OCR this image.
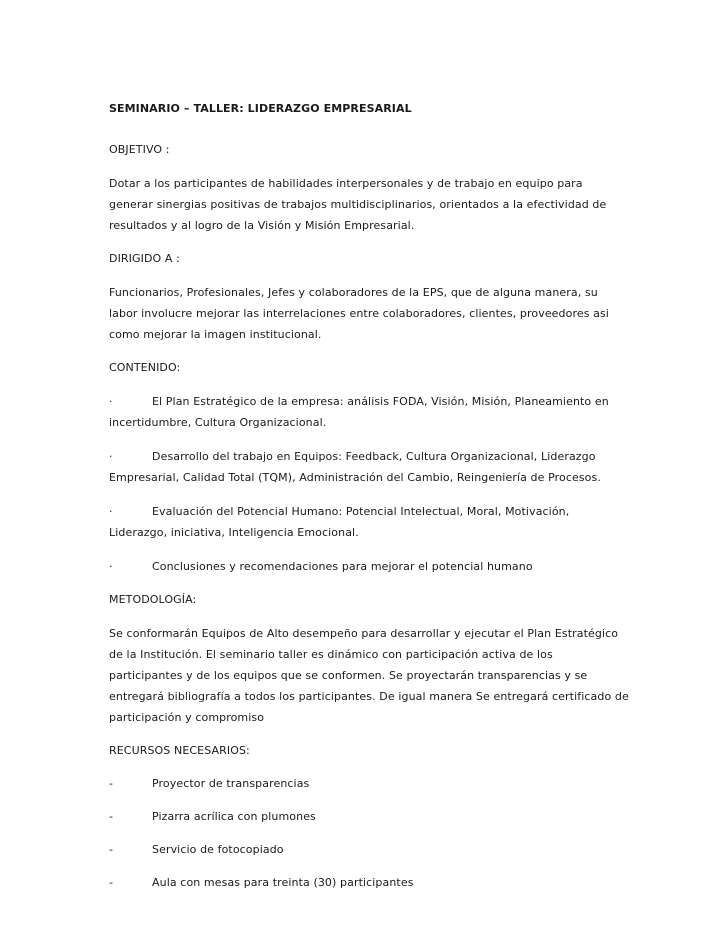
SEMINARIO – TALLER: LIDERAZGO EMPRESARIAL
OBJETIVO :
Dotar a los participantes de habilidades interpersonales y de trabajo en equipo para generar sinergias positivas de trabajos multidisciplinarios, orientados a la efectividad de resultados y al logro de la Visión y Misión Empresarial.
DIRIGIDO A :
Funcionarios, Profesionales, Jefes y colaboradores de la EPS, que de alguna manera, su labor involucre mejorar las interrelaciones entre colaboradores, clientes, proveedores asi como mejorar la imagen institucional.
CONTENIDO:
·	El Plan Estratégico de la empresa: análisis FODA, Visión, Misión, Planeamiento en incertidumbre, Cultura Organizacional.
·	Desarrollo del trabajo en Equipos: Feedback, Cultura Organizacional, Liderazgo Empresarial, Calidad Total (TQM), Administración del Cambio, Reingeniería de Procesos.
·	Evaluación del Potencial Humano: Potencial Intelectual, Moral, Motivación, Liderazgo, iniciativa, Inteligencia Emocional.
·	Conclusiones y recomendaciones para mejorar el potencial humano
METODOLOGÍA:
Se conformarán Equipos de Alto desempeño para desarrollar y ejecutar el Plan Estratégico de la Institución. El seminario taller es dinámico con participación activa de los participantes y de los equipos que se conformen. Se proyectarán transparencias y se entregará bibliografía a todos los participantes. De igual manera Se entregará certificado de participación y compromiso
RECURSOS NECESARIOS:
-	Proyector de transparencias
-	Pizarra acrílica con plumones
-	Servicio de fotocopiado
-	Aula con mesas para treinta (30) participantes
